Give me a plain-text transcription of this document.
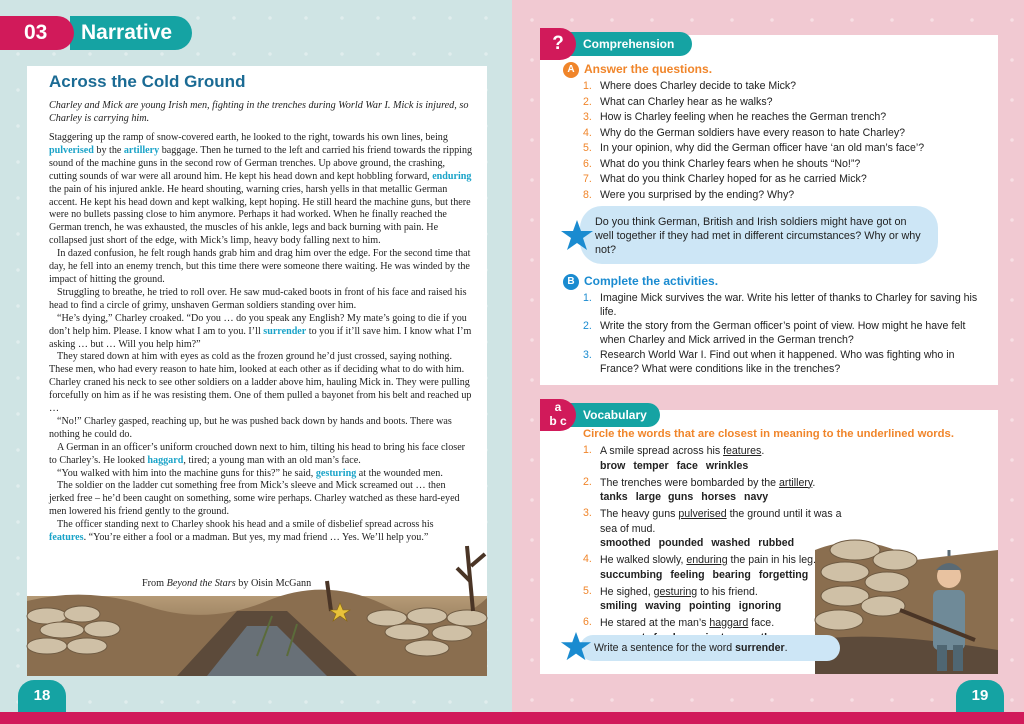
Narrative
03
Across the Cold Ground
Charley and Mick are young Irish men, fighting in the trenches during World War I. Mick is injured, so Charley is carrying him.

Staggering up the ramp of snow-covered earth, he looked to the right, towards his own lines, being pulverised by the artillery baggage. Then he turned to the left and carried his friend towards the ripping sound of the machine guns in the second row of German trenches. Up above ground, the crashing, cutting sounds of war were all around him. He kept his head down and kept hobbling forward, enduring the pain of his injured ankle. He heard shouting, warning cries, harsh yells in that metallic German accent. He kept his head down and kept walking, kept hoping. He still heard the machine guns, but there were no bullets passing close to him anymore. Perhaps it had worked. When he finally reached the German trench, he was exhausted, the muscles of his ankle, legs and back burning with pain. He collapsed just short of the edge, with Mick’s limp, heavy body falling next to him.

In dazed confusion, he felt rough hands grab him and drag him over the edge. For the second time that day, he fell into an enemy trench, but this time there were someone there waiting. He was winded by the impact of hitting the ground.

Struggling to breathe, he tried to roll over. He saw mud-caked boots in front of his face and raised his head to find a circle of grimy, unshaven German soldiers standing over him.

“He’s dying,” Charley croaked. “Do you … do you speak any English? My mate’s going to die if you don’t help him. Please. I know what I am to you. I’ll surrender to you if it’ll save him. I know what I’m asking … but … Will you help him?”

They stared down at him with eyes as cold as the frozen ground he’d just crossed, saying nothing. These men, who had every reason to hate him, looked at each other as if deciding what to do with him. Charley craned his neck to see other soldiers on a ladder above him, hauling Mick in. They were pulling forcefully on him as if he was resisting them. One of them pulled a bayonet from his belt and reached up …

“No!” Charley gasped, reaching up, but he was pushed back down by hands and boots. There was nothing he could do.

A German in an officer’s uniform crouched down next to him, tilting his head to bring his face closer to Charley’s. He looked haggard, tired; a young man with an old man’s face.

“You walked with him into the machine guns for this?” he said, gesturing at the wounded men.

The soldier on the ladder cut something free from Mick’s sleeve and Mick screamed out … then jerked free – he’d been caught on something, some wire perhaps. Charley watched as these hard-eyed men lowered his friend gently to the ground.

The officer standing next to Charley shook his head and a smile of disbelief spread across his features. “You’re either a fool or a madman. But yes, my mad friend … Yes. We’ll help you.”

From Beyond the Stars by Oisin McGann
18	19
?	Comprehension
A Answer the questions.
1. Where does Charley decide to take Mick?
2. What can Charley hear as he walks?
3. How is Charley feeling when he reaches the German trench?
4. Why do the German soldiers have every reason to hate Charley?
5. In your opinion, why did the German officer have ‘an old man’s face’?
6. What do you think Charley fears when he shouts “No!”?
7. What do you think Charley hoped for as he carried Mick?
8. Were you surprised by the ending? Why?
Do you think German, British and Irish soldiers might have got on well together if they had met in different circumstances? Why or why not?
B Complete the activities.
1. Imagine Mick survives the war. Write his letter of thanks to Charley for saving his life.
2. Write the story from the German officer’s point of view. How might he have felt when Charley and Mick arrived in the German trench?
3. Research World War I. Find out when it happened. Who was fighting who in France? What were conditions like in the trenches?
a
b c	Vocabulary
Circle the words that are closest in meaning to the underlined words.
1. A smile spread across his features.
brow temper face wrinkles
2. The trenches were bombarded by the artillery.
tanks large guns horses navy
3. The heavy guns pulverised the ground until it was a sea of mud.
smoothed pounded washed rubbed
4. He walked slowly, enduring the pain in his leg.
succumbing feeling bearing forgetting
5. He sighed, gesturing to his friend.
smiling waving pointing ignoring
6. He stared at the man’s haggard face.
Write a sentence for the word surrender.
